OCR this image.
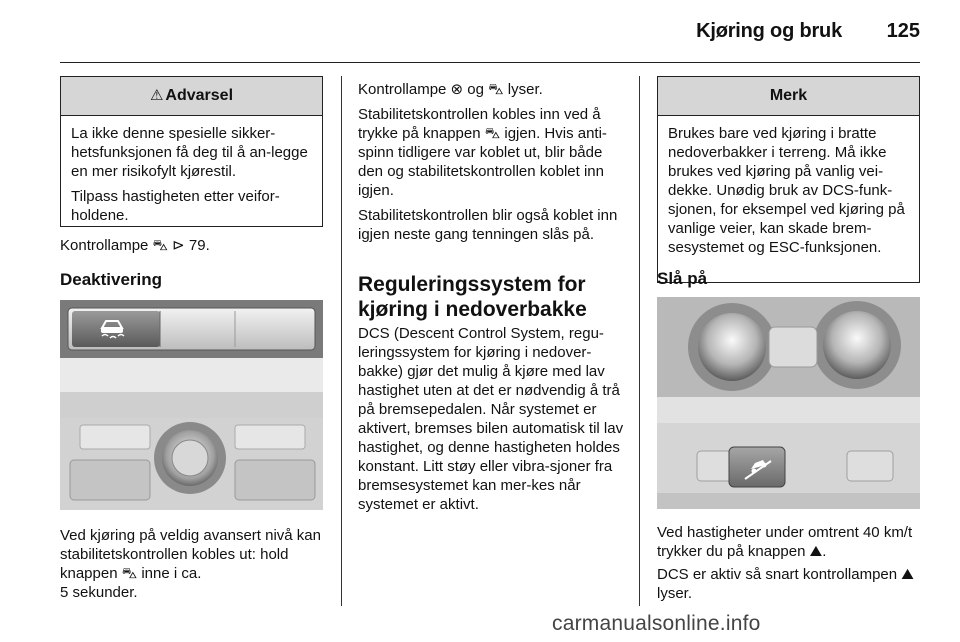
Kjøring og bruk 125
⚠ Advarsel

La ikke denne spesielle sikker-hetsfunksjonen få deg til å an-legge en mer risikofylt kjørestil.

Tilpass hastigheten etter veifor-holdene.

Kontrollampe ⛍ ⊳ 79.
Deaktivering

Ved kjøring på veldig avansert nivå kan stabilitetskontrollen kobles ut: hold knappen ⛍ inne i ca.

5 sekunder.

Kontrollampe ⊗ og ⛍ lyser.

Stabilitetskontrollen kobles inn ved å trykke på knappen ⛍ igjen. Hvis anti-spinn tidligere var koblet ut, blir både den og stabilitetskontrollen koblet inn igjen.

Stabilitetskontrollen blir også koblet inn igjen neste gang tenningen slås på.

Reguleringssystem for kjøring i nedoverbakke
DCS (Descent Control System, regu-leringssystem for kjøring i nedover-bakke) gjør det mulig å kjøre med lav hastighet uten at det er nødvendig å trå på bremsepedalen. Når systemet er aktivert, bremses bilen automatisk til lav hastighet, og denne hastigheten holdes konstant. Litt støy eller vibra-sjoner fra bremsesystemet kan mer-kes når systemet er aktivt.
Merk
Brukes bare ved kjøring i bratte nedoverbakker i terreng. Må ikke brukes ved kjøring på vanlig vei-dekke. Unødig bruk av DCS-funk-sjonen, for eksempel ved kjøring på vanlige veier, kan skade brem-sesystemet og ESC-funksjonen.
Slå på

Ved hastigheter under omtrent 40 km/t trykker du på knappen ⛰.

DCS er aktiv så snart kontrollampen ⛰ lyser.

carmanualsonline.info
